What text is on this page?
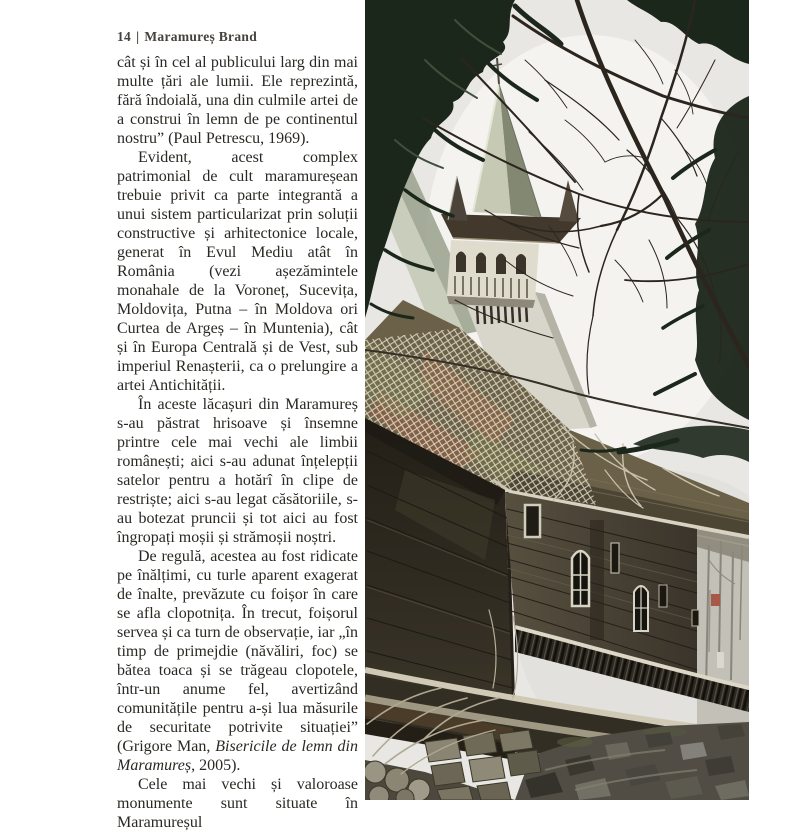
14 | Maramureș Brand

cât și în cel al publicului larg din mai multe țări ale lumii. Ele reprezintă, fără îndoială, una din culmile artei de a construi în lemn de pe continentul nostru” (Paul Petrescu, 1969).

Evident, acest complex patrimonial de cult maramureșean trebuie privit ca parte integrantă a unui sistem particularizat prin soluții constructive și arhitectonice locale, generat în Evul Mediu atât în România (vezi așezămintele monahale de la Voroneț, Sucevița, Moldovița, Putna – în Moldova ori Curtea de Argeș – în Muntenia), cât și în Europa Centrală și de Vest, sub imperiul Renașterii, ca o prelungire a artei Antichității.

În aceste lăcașuri din Maramureș s-au păstrat hrisoave și însemne printre cele mai vechi ale limbii românești; aici s-au adunat înțelepții satelor pentru a hotărî în clipe de restriște; aici s-au legat căsătoriile, s-au botezat pruncii și tot aici au fost îngropați moșii și strămoșii noștri.

De regulă, acestea au fost ridicate pe înălțimi, cu turle aparent exagerat de înalte, prevăzute cu foișor în care se afla clopotnița. În trecut, foișorul servea și ca turn de observație, iar „în timp de primejdie (năvăliri, foc) se bătea toaca și se trăgeau clopotele, într-un anume fel, avertizând comunitățile pentru a-și lua măsurile de securitate potrivite situației” (Grigore Man, Bisericile de lemn din Maramureș, 2005).

Cele mai vechi și valoroase monumente sunt situate în Maramureșul
